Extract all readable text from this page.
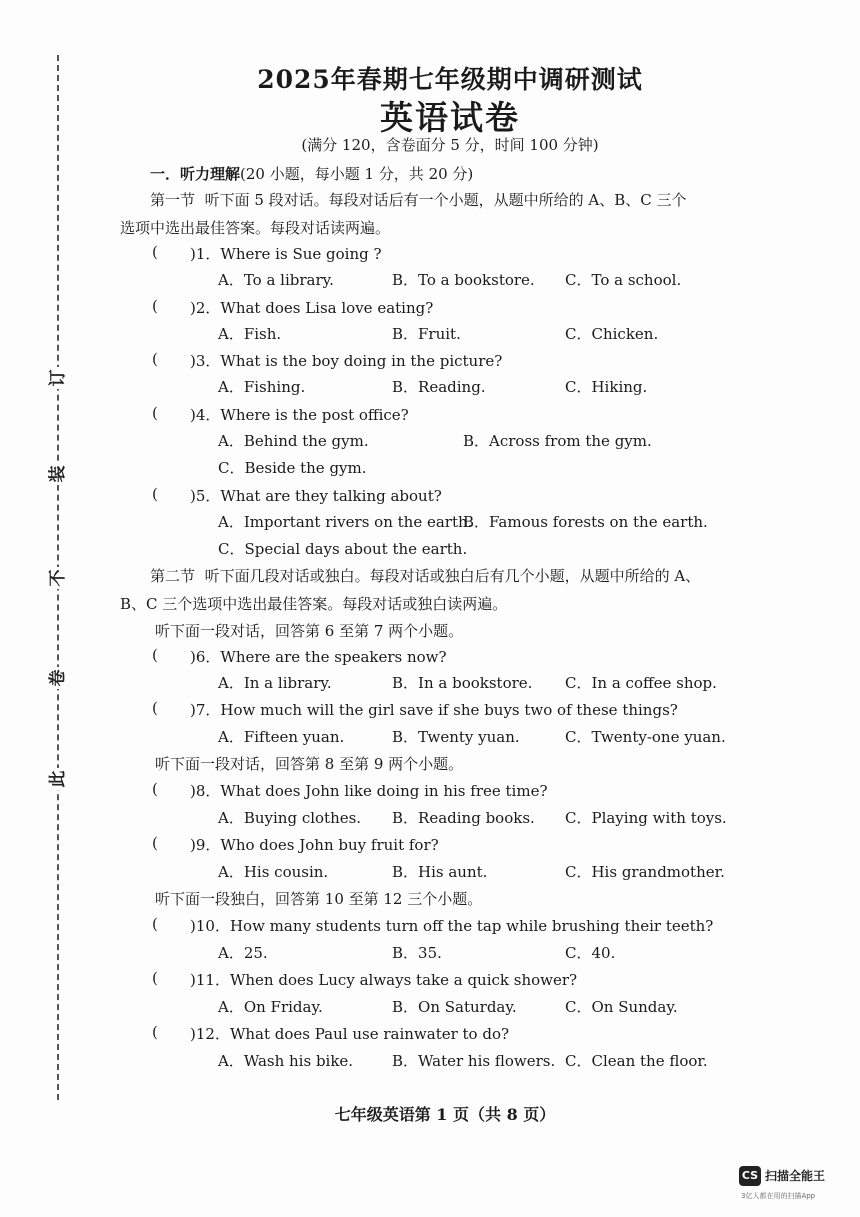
订
装
不
卷
此
2025年春期七年级期中调研测试
英语试卷
(满分 120，含卷面分 5 分，时间 100 分钟)
一．听力理解(20 小题，每小题 1 分，共 20 分)
第一节 听下面 5 段对话。每段对话后有一个小题，从题中所给的 A、B、C 三个
选项中选出最佳答案。每段对话读两遍。
( )1．Where is Sue going ?
A．To a library.	B．To a bookstore. C．To a school.
( )2．What does Lisa love eating?
A．Fish.	B．Fruit.	C．Chicken.
( )3．What is the boy doing in the picture?
A．Fishing.	B．Reading.	C．Hiking.
( )4．Where is the post office?
A．Behind the gym.	B．Across from the gym.
C．Beside the gym.
( )5．What are they talking about?
A．Important rivers on the earth.
B．Famous forests on the earth.
C．Special days about the earth.
第二节 听下面几段对话或独白。每段对话或独白后有几个小题，从题中所给的 A、
B、C 三个选项中选出最佳答案。每段对话或独白读两遍。
听下面一段对话，回答第 6 至第 7 两个小题。
( )6．Where are the speakers now?
A．In a library.	B．In a bookstore. C．In a coffee shop.
( )7．How much will the girl save if she buys two of these things?
A．Fifteen yuan.	B．Twenty yuan.	C．Twenty-one yuan.
听下面一段对话，回答第 8 至第 9 两个小题。
( )8．What does John like doing in his free time?
A．Buying clothes. B．Reading books. C．Playing with toys.
( )9．Who does John buy fruit for?
A．His cousin.	B．His aunt.	C．His grandmother.
听下面一段独白，回答第 10 至第 12 三个小题。
( )10．How many students turn off the tap while brushing their teeth?
A．25.	B．35.	C．40.
( )11．When does Lucy always take a quick shower?
A．On Friday.	B．On Saturday.	C．On Sunday.
( )12．What does Paul use rainwater to do?
A．Wash his bike.	B．Water his flowers. C．Clean the floor.
七年级英语第 1 页（共 8 页）
CS 扫描全能王
3亿人都在用的扫描App
